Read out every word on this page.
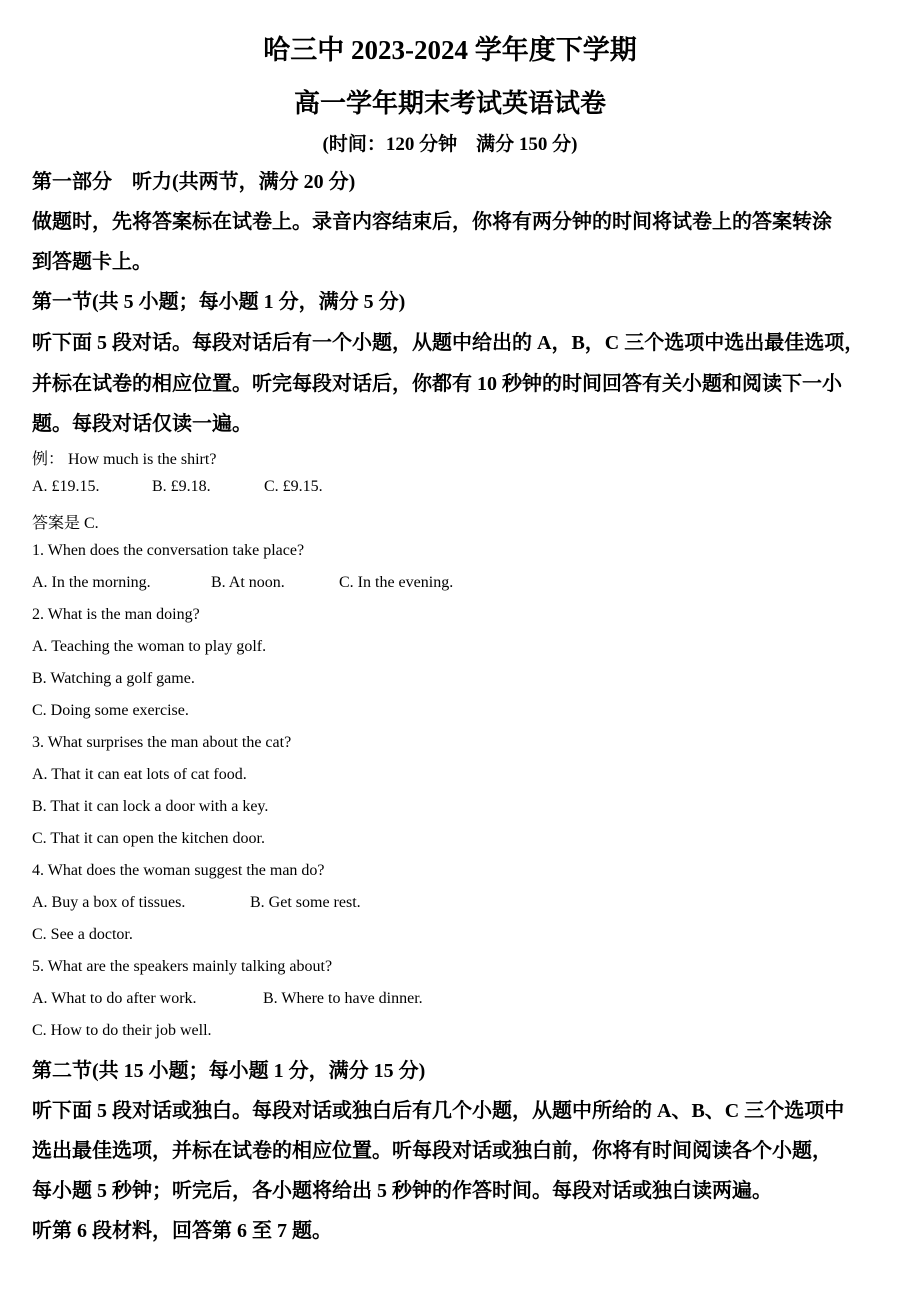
哈三中 2023-2024 学年度下学期
高一学年期末考试英语试卷
(时间：120 分钟　满分 150 分)
第一部分　听力(共两节，满分 20 分)
做题时，先将答案标在试卷上。录音内容结束后，你将有两分钟的时间将试卷上的答案转涂
到答题卡上。
第一节(共 5 小题；每小题 1 分，满分 5 分)
听下面 5 段对话。每段对话后有一个小题，从题中给出的 A，B，C 三个选项中选出最佳选项，
并标在试卷的相应位置。听完每段对话后，你都有 10 秒钟的时间回答有关小题和阅读下一小
题。每段对话仅读一遍。
例： How much is the shirt?
A. £19.15.	B. £9.18.	C. £9.15.
答案是 C.
1. When does the conversation take place?
A. In the morning.	B. At noon.	C. In the evening.
2. What is the man doing?
A. Teaching the woman to play golf.
B. Watching a golf game.
C. Doing some exercise.
3. What surprises the man about the cat?
A. That it can eat lots of cat food.
B. That it can lock a door with a key.
C. That it can open the kitchen door.
4. What does the woman suggest the man do?
A. Buy a box of tissues.	B. Get some rest.
C. See a doctor.
5. What are the speakers mainly talking about?
A. What to do after work.	B. Where to have dinner.
C. How to do their job well.
第二节(共 15 小题；每小题 1 分，满分 15 分)
听下面 5 段对话或独白。每段对话或独白后有几个小题，从题中所给的 A、B、C 三个选项中
选出最佳选项，并标在试卷的相应位置。听每段对话或独白前，你将有时间阅读各个小题，
每小题 5 秒钟；听完后，各小题将给出 5 秒钟的作答时间。每段对话或独白读两遍。
听第 6 段材料，回答第 6 至 7 题。
